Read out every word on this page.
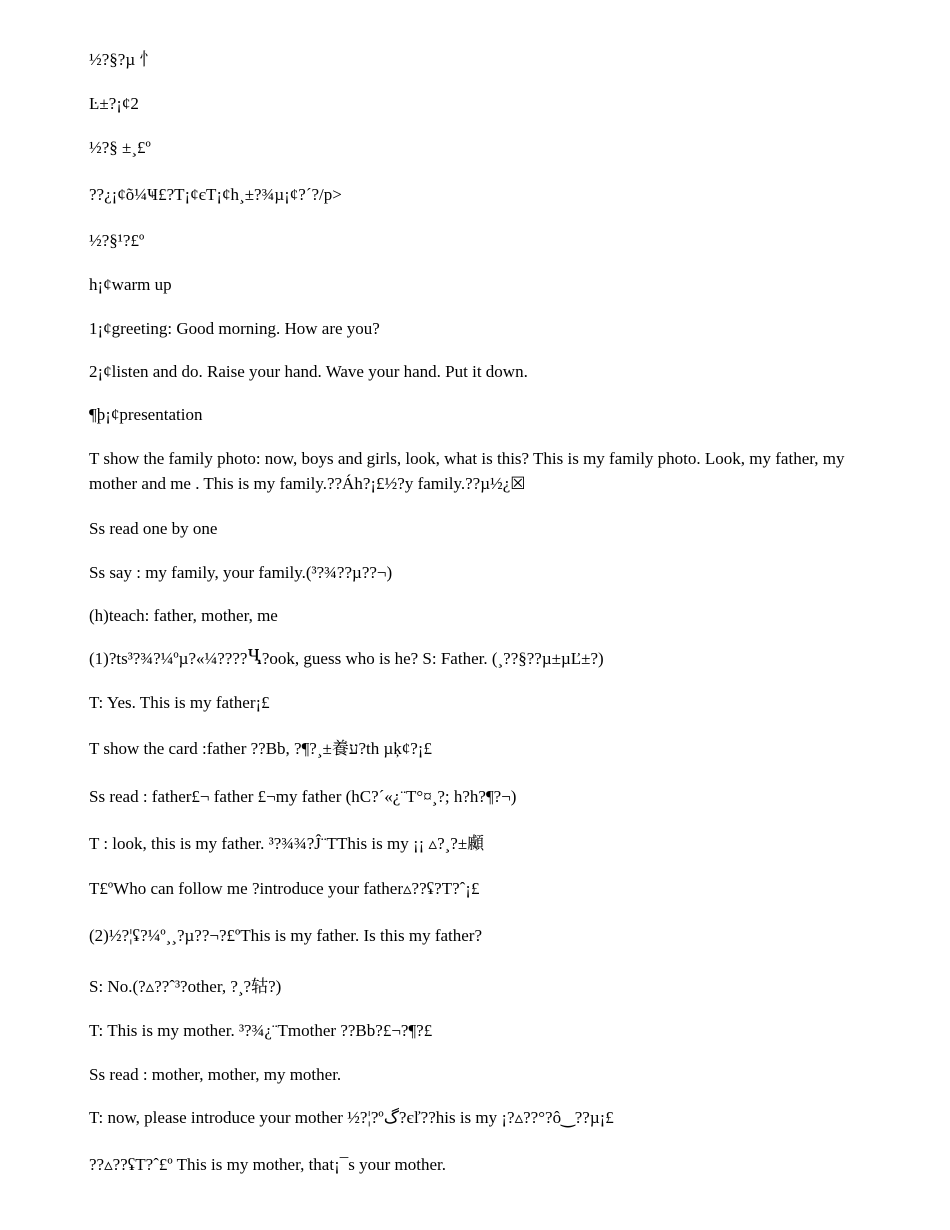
½?§?µ 忄

Ŀ±?¡¢2

½?§ ±¸£º

??¿¡¢õ¼Ҹ£?T¡¢єT¡¢h¸±?¾µ¡¢?´?/p>

½?§¹?£º

h¡¢warm up

1¡¢greeting: Good morning. How are you?

2¡¢listen and do. Raise your hand. Wave your hand. Put it down.

¶þ¡¢presentation

T show the family photo: now, boys and girls, look, what is this? This is my family photo. Look, my father, my mother and me . This is my family.??Áh?¡£½?y family.??µ½¿☒

Ss read one by one

Ss say : my family, your family.(³?¾??µ??¬)

(h)teach: father, mother, me

(1)?ts³?¾?¼ºµ?«¼????Ⴁ?ook, guess who is he? S: Father. (¸??§??µ±µĽ±?)

T: Yes. This is my father¡£

T show the card :father ??Bb, ?¶?¸±養ע?th µķ¢?¡£

Ss read : father£¬ father £¬my father (hC?´«¿¨T°¤¸?; h?h?¶?¬)

T : look, this is my father. ³?¾¾?Ĵ¨TThis is my ¡¡ ▵?¸?±顣

T£ºWho can follow me ?introduce your father▵??ʢ?T?ˆ¡£

(2)½?¦ʢ?¼º¸¸?µ??¬?£ºThis is my father. Is this my father?

S: No.(?▵??ˆ³?other, ?¸?轱?)

T: This is my mother. ³?¾¿¨Tmother ??Bb?£¬?¶?£

Ss read : mother, mother, my mother.

T: now, please introduce your mother ½?¦?ºگ?єľ??his is my ¡?▵??°?ô‿??µ¡£

??▵??ʢT?ˆ£º This is my mother, that¡¯s your mother.
